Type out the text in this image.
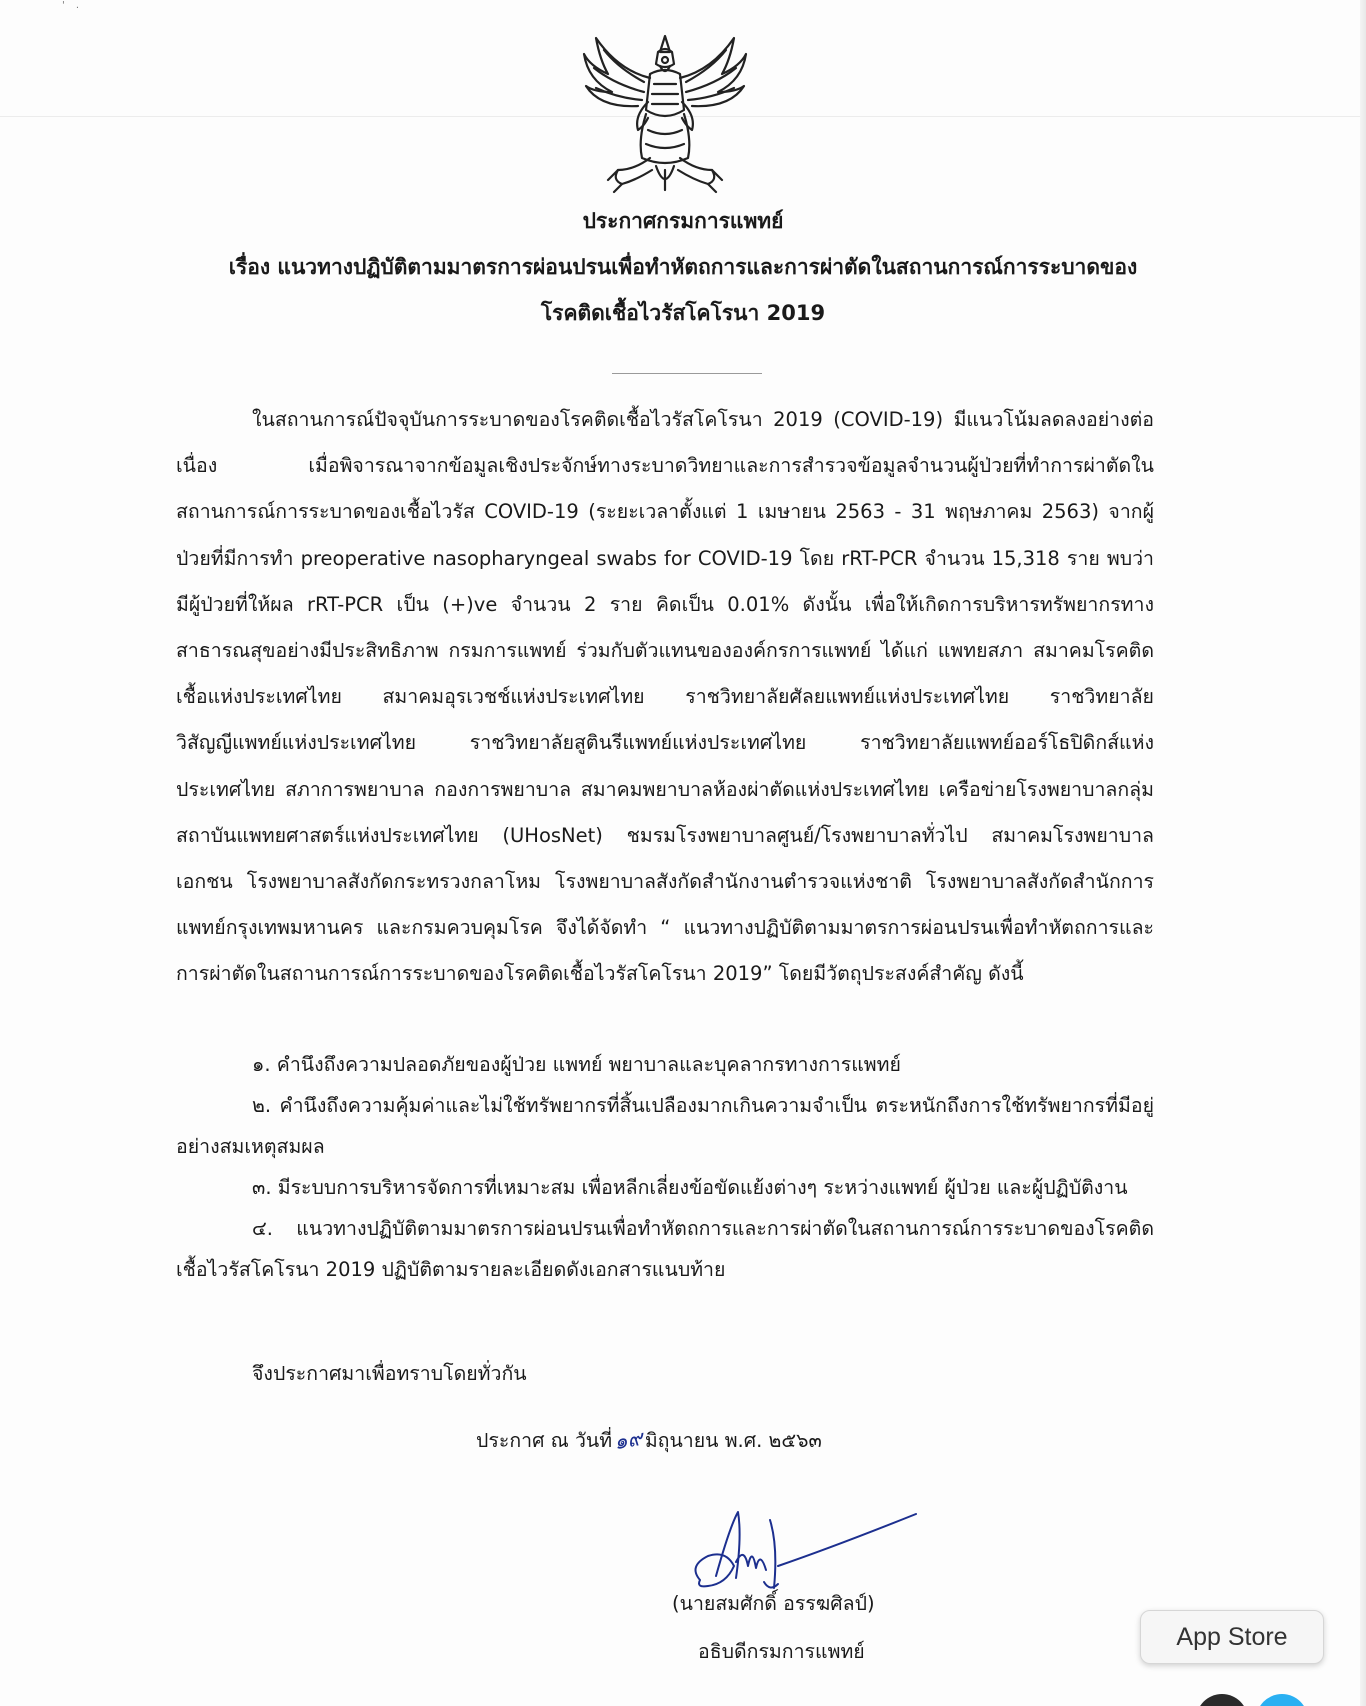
' .
ประกาศกรมการแพทย์
เรื่อง แนวทางปฏิบัติตามมาตรการผ่อนปรนเพื่อทำหัตถการและการผ่าตัดในสถานการณ์การระบาดของ
โรคติดเชื้อไวรัสโคโรนา 2019

ในสถานการณ์ปัจจุบันการระบาดของโรคติดเชื้อไวรัสโคโรนา 2019 (COVID-19) มีแนวโน้มลดลงอย่างต่อเนื่อง เมื่อพิจารณาจากข้อมูลเชิงประจักษ์ทางระบาดวิทยาและการสำรวจข้อมูลจำนวนผู้ป่วยที่ทำการผ่าตัดในสถานการณ์การระบาดของเชื้อไวรัส COVID-19 (ระยะเวลาตั้งแต่ 1 เมษายน 2563 - 31 พฤษภาคม 2563) จากผู้ป่วยที่มีการทำ preoperative nasopharyngeal swabs for COVID-19 โดย rRT-PCR จำนวน 15,318 ราย พบว่ามีผู้ป่วยที่ให้ผล rRT-PCR เป็น (+)ve จำนวน 2 ราย คิดเป็น 0.01% ดังนั้น เพื่อให้เกิดการบริหารทรัพยากรทางสาธารณสุขอย่างมีประสิทธิภาพ กรมการแพทย์ ร่วมกับตัวแทนขององค์กรการแพทย์ ได้แก่ แพทยสภา สมาคมโรคติดเชื้อแห่งประเทศไทย สมาคมอุรเวชช์แห่งประเทศไทย ราชวิทยาลัยศัลยแพทย์แห่งประเทศไทย ราชวิทยาลัยวิสัญญีแพทย์แห่งประเทศไทย ราชวิทยาลัยสูตินรีแพทย์แห่งประเทศไทย ราชวิทยาลัยแพทย์ออร์โธปิดิกส์แห่งประเทศไทย สภาการพยาบาล กองการพยาบาล สมาคมพยาบาลห้องผ่าตัดแห่งประเทศไทย เครือข่ายโรงพยาบาลกลุ่มสถาบันแพทยศาสตร์แห่งประเทศไทย (UHosNet) ชมรมโรงพยาบาลศูนย์/โรงพยาบาลทั่วไป สมาคมโรงพยาบาลเอกชน โรงพยาบาลสังกัดกระทรวงกลาโหม โรงพยาบาลสังกัดสำนักงานตำรวจแห่งชาติ โรงพยาบาลสังกัดสำนักการแพทย์กรุงเทพมหานคร และกรมควบคุมโรค จึงได้จัดทำ “ แนวทางปฏิบัติตามมาตรการผ่อนปรนเพื่อทำหัตถการและการผ่าตัดในสถานการณ์การระบาดของโรคติดเชื้อไวรัสโคโรนา 2019” โดยมีวัตถุประสงค์สำคัญ ดังนี้

๑. คำนึงถึงความปลอดภัยของผู้ป่วย แพทย์ พยาบาลและบุคลากรทางการแพทย์

๒. คำนึงถึงความคุ้มค่าและไม่ใช้ทรัพยากรที่สิ้นเปลืองมากเกินความจำเป็น ตระหนักถึงการใช้ทรัพยากรที่มีอยู่อย่างสมเหตุสมผล

๓. มีระบบการบริหารจัดการที่เหมาะสม เพื่อหลีกเลี่ยงข้อขัดแย้งต่างๆ ระหว่างแพทย์ ผู้ป่วย และผู้ปฏิบัติงาน

๔. แนวทางปฏิบัติตามมาตรการผ่อนปรนเพื่อทำหัตถการและการผ่าตัดในสถานการณ์การระบาดของโรคติดเชื้อไวรัสโคโรนา 2019 ปฏิบัติตามรายละเอียดดังเอกสารแนบท้าย

จึงประกาศมาเพื่อทราบโดยทั่วกัน
ประกาศ ณ วันที่๑๙มิถุนายน พ.ศ. ๒๕๖๓
(นายสมศักดิ์ อรรฆศิลป์)
อธิบดีกรมการแพทย์
App Store
